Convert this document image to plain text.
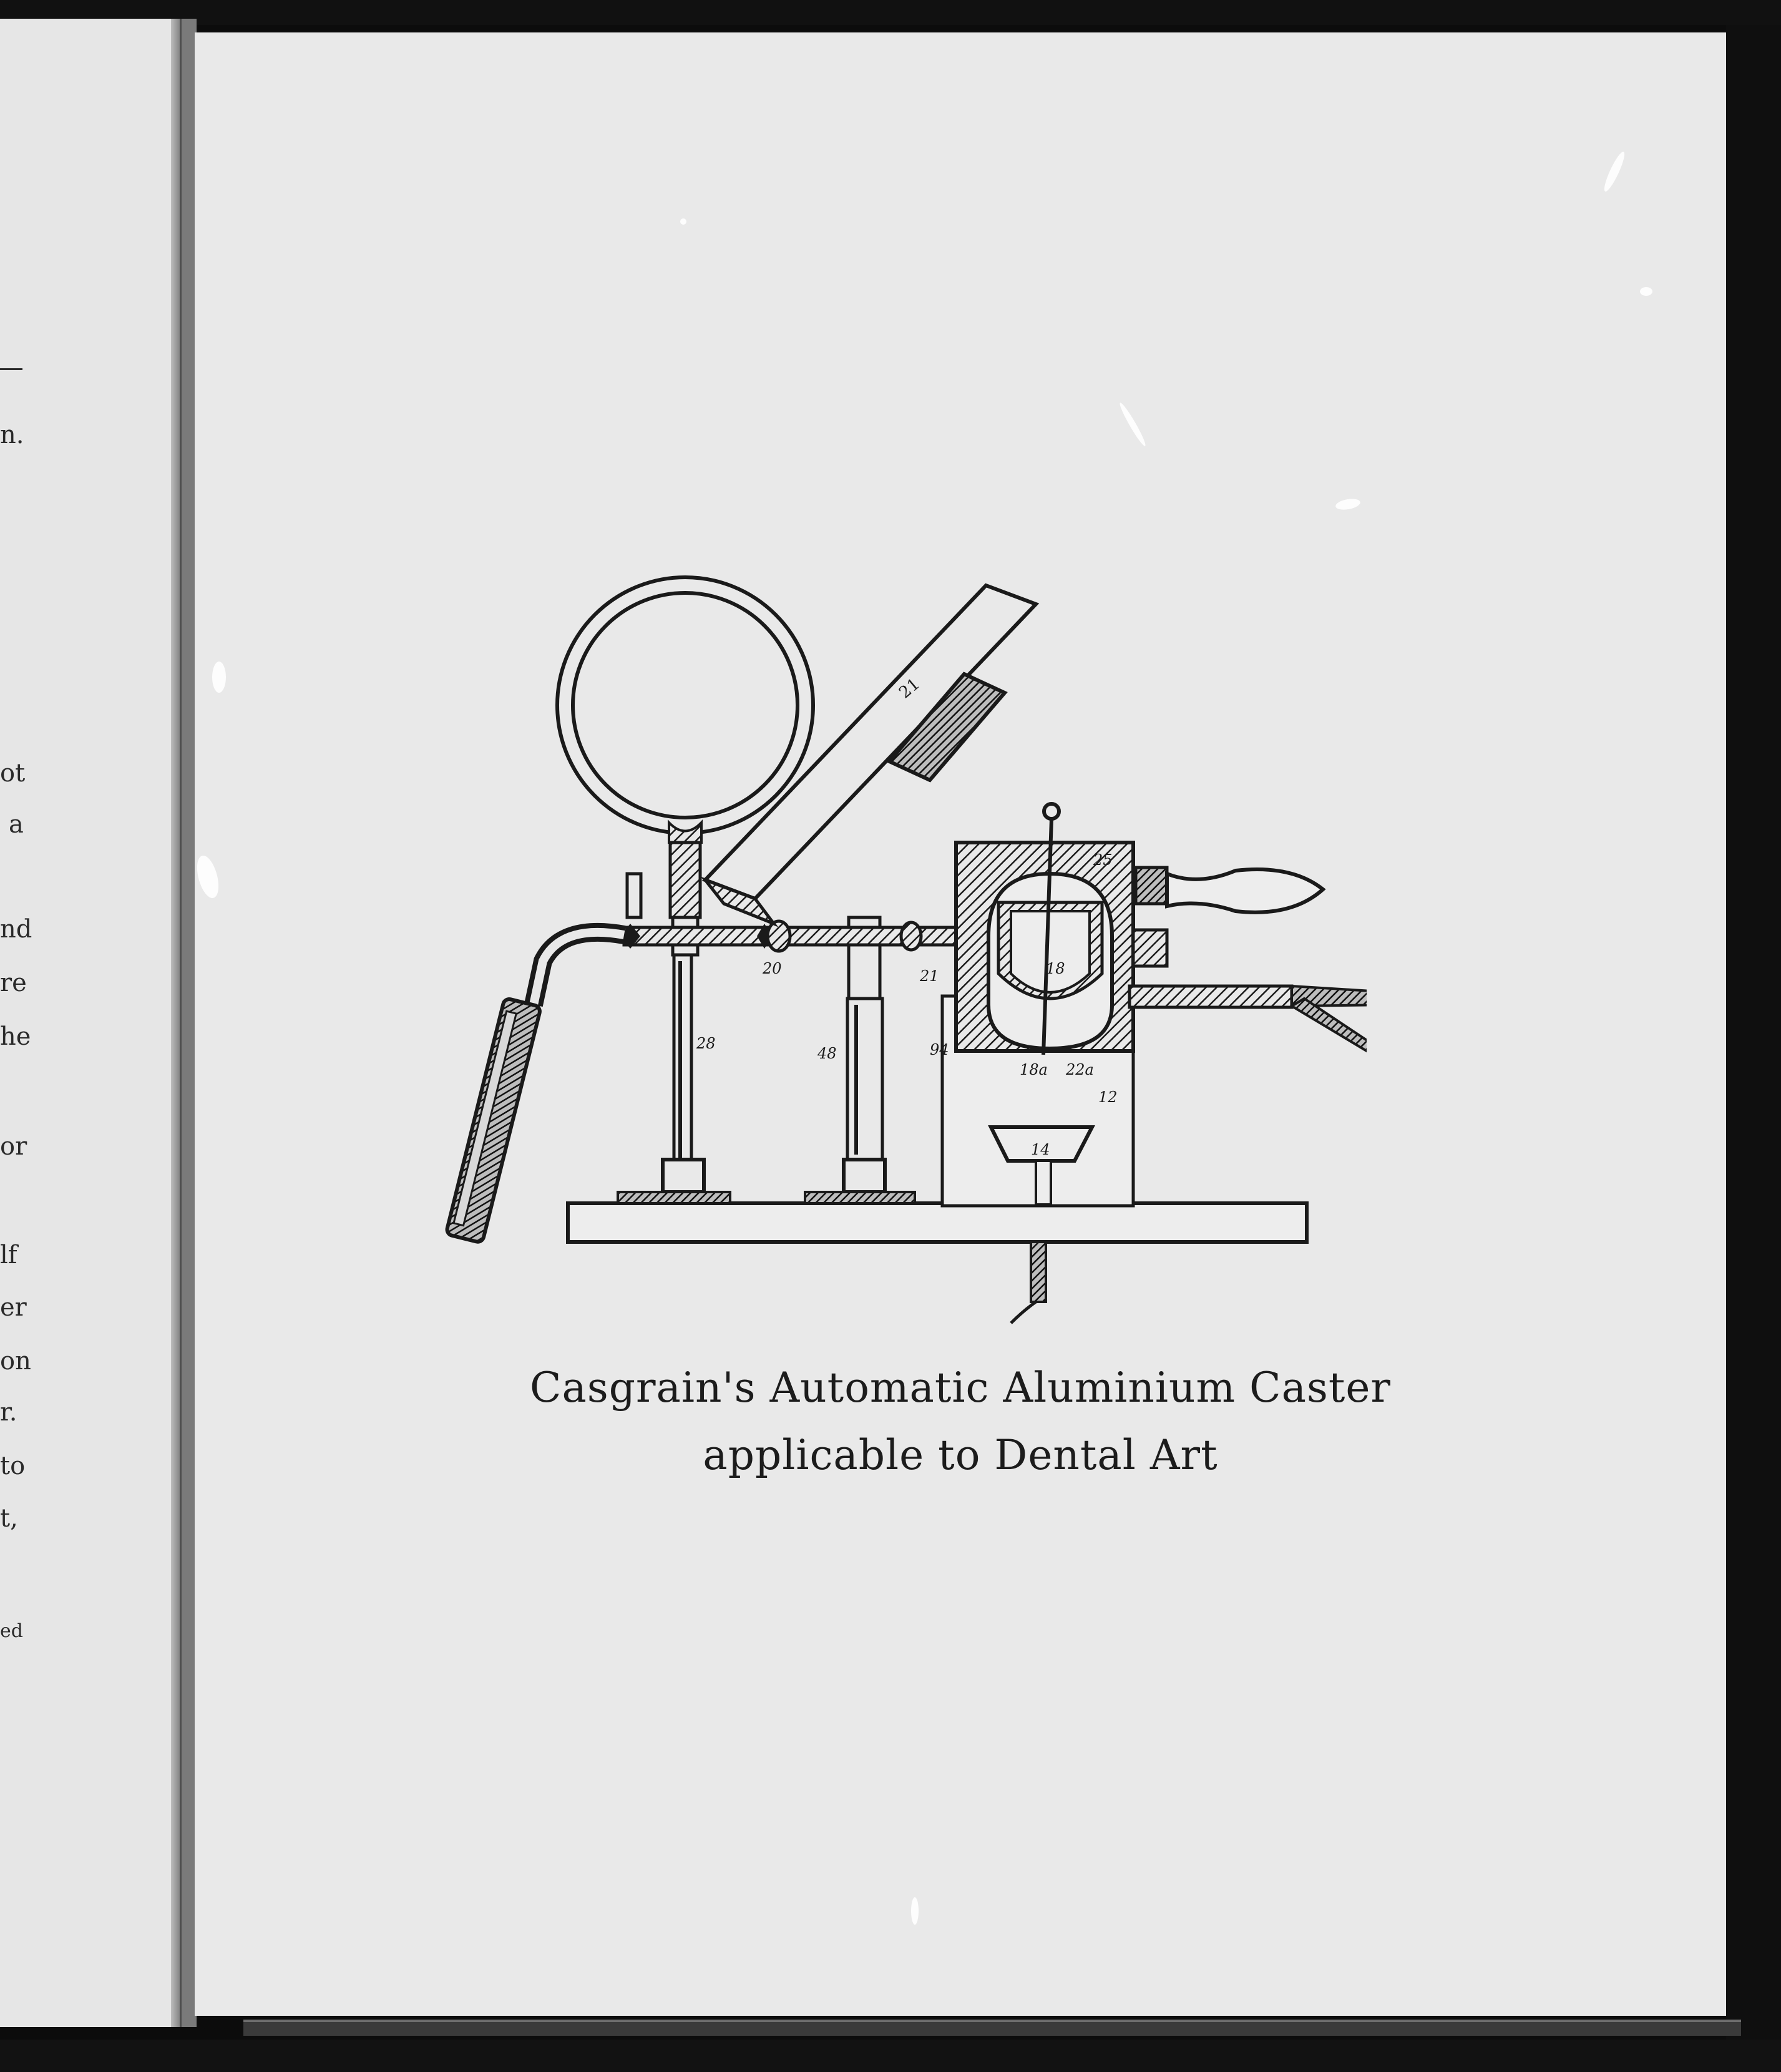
n.
ot
a
nd
re
he
or
lf
er
on
r.
to
t,
ed
21
25
18
20	21
28
48	94
18a 22a
12
14
Casgrain's Automatic Aluminium Caster
applicable to Dental Art
